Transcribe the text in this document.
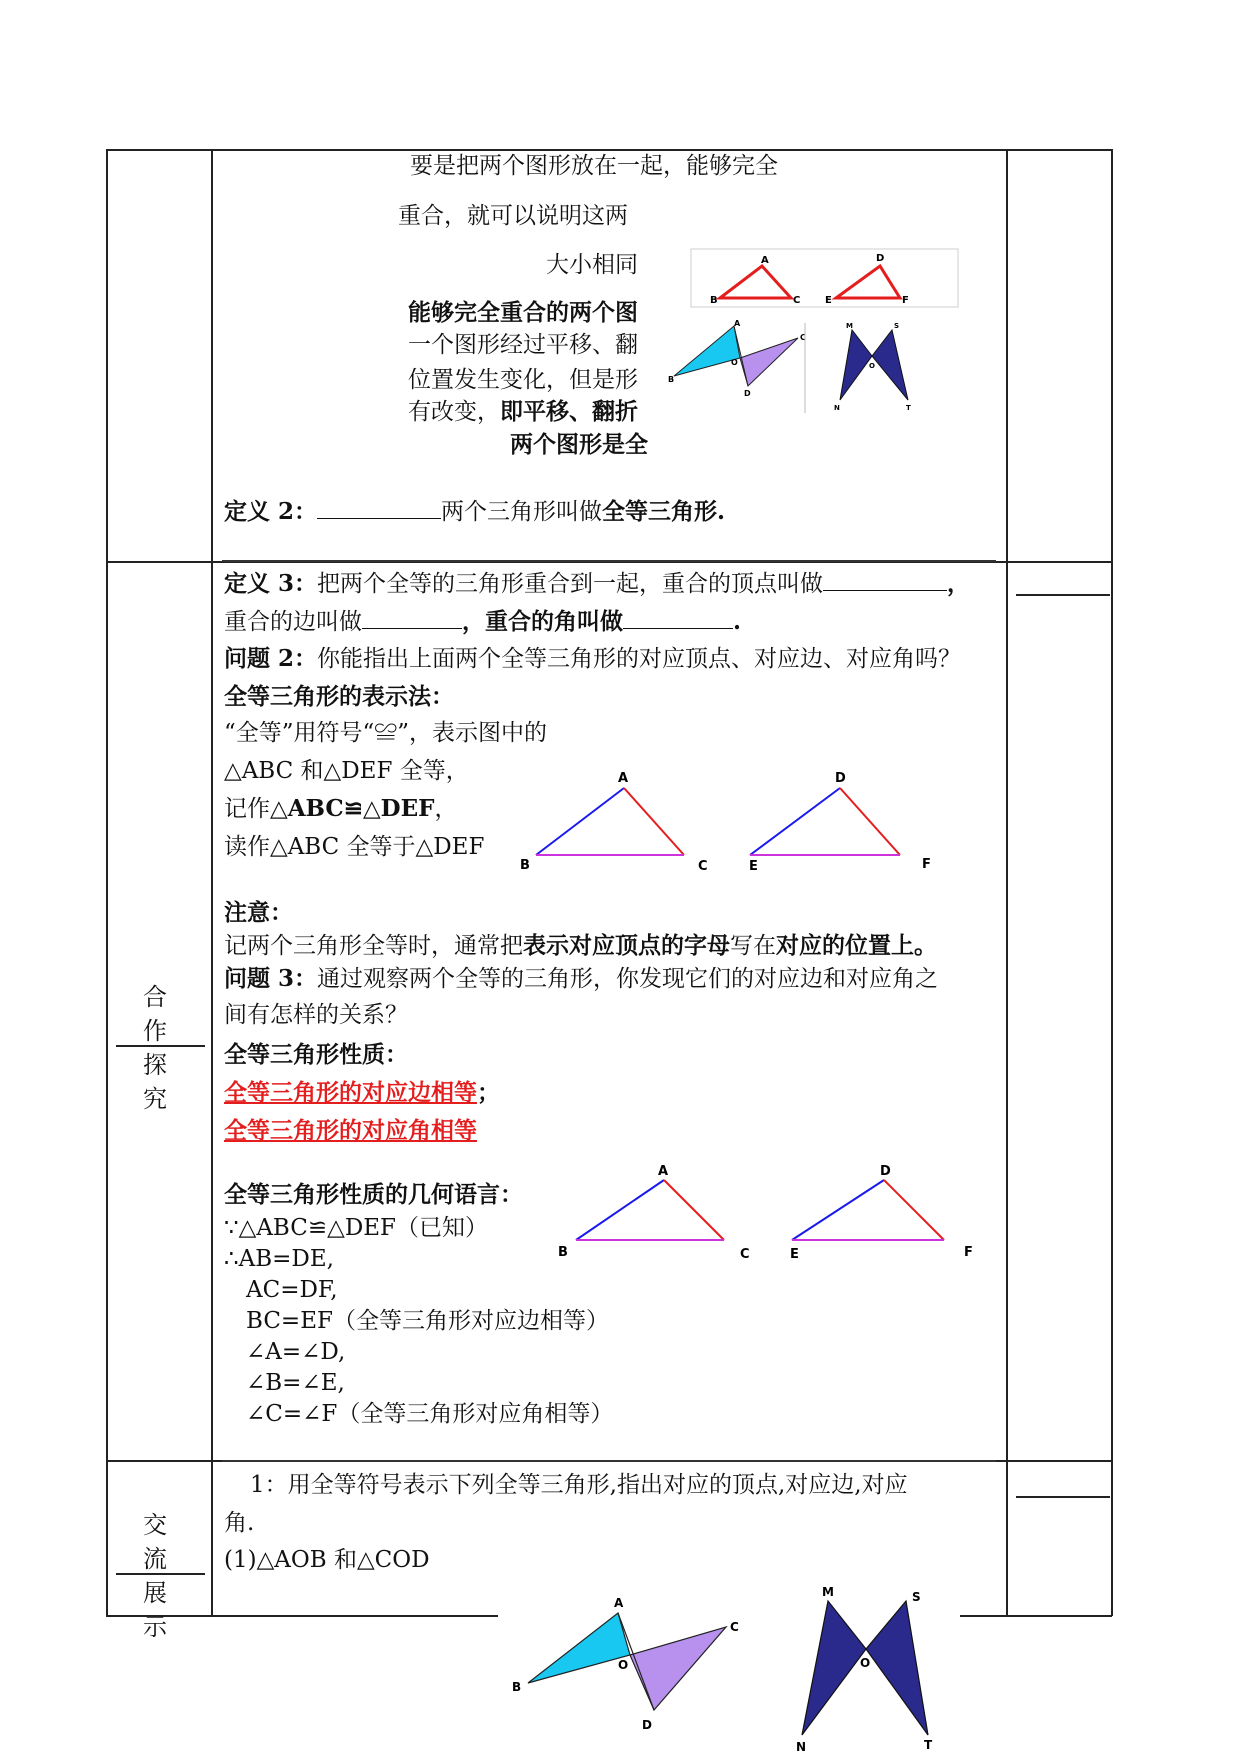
要是把两个图形放在一起，能够完全
重合，就可以说明这两
大小相同
能够完全重合的两个图
一个图形经过平移、翻
位置发生变化，但是形
有改变，即平移、翻折
两个图形是全
A
B	C
D
E	F
A
B
C
D
O
M	S
N	T
O
定义 2：	两个三角形叫做全等三角形.
合 作
探 究
定义 3：把两个全等的三角形重合到一起，重合的顶点叫做	，
重合的边叫做	，重合的角叫做	.
问题 2：你能指出上面两个全等三角形的对应顶点、对应边、对应角吗？
全等三角形的表示法：
“全等”用符号“≌”，表示图中的
△ABC 和△DEF 全等，
记作△ABC≌△DEF，
读作△ABC 全等于△DEF
A
B	C
D
E	F
注意：
记两个三角形全等时，通常把表示对应顶点的字母写在对应的位置上。
问题 3：通过观察两个全等的三角形，你发现它们的对应边和对应角之
间有怎样的关系？
全等三角形性质：
全等三角形的对应边相等；
全等三角形的对应角相等
全等三角形性质的几何语言：
∵△ABC≌△DEF（已知）
∴AB=DE,
AC=DF,
BC=EF（全等三角形对应边相等）
∠A=∠D,
∠B=∠E,
∠C=∠F（全等三角形对应角相等）
A
B	C
D
E	F
交 流
展 示
1：用全等符号表示下列全等三角形,指出对应的顶点,对应边,对应
角.
(1)△AOB 和△COD
A
B
C
D
O
M	S
N	T
O
